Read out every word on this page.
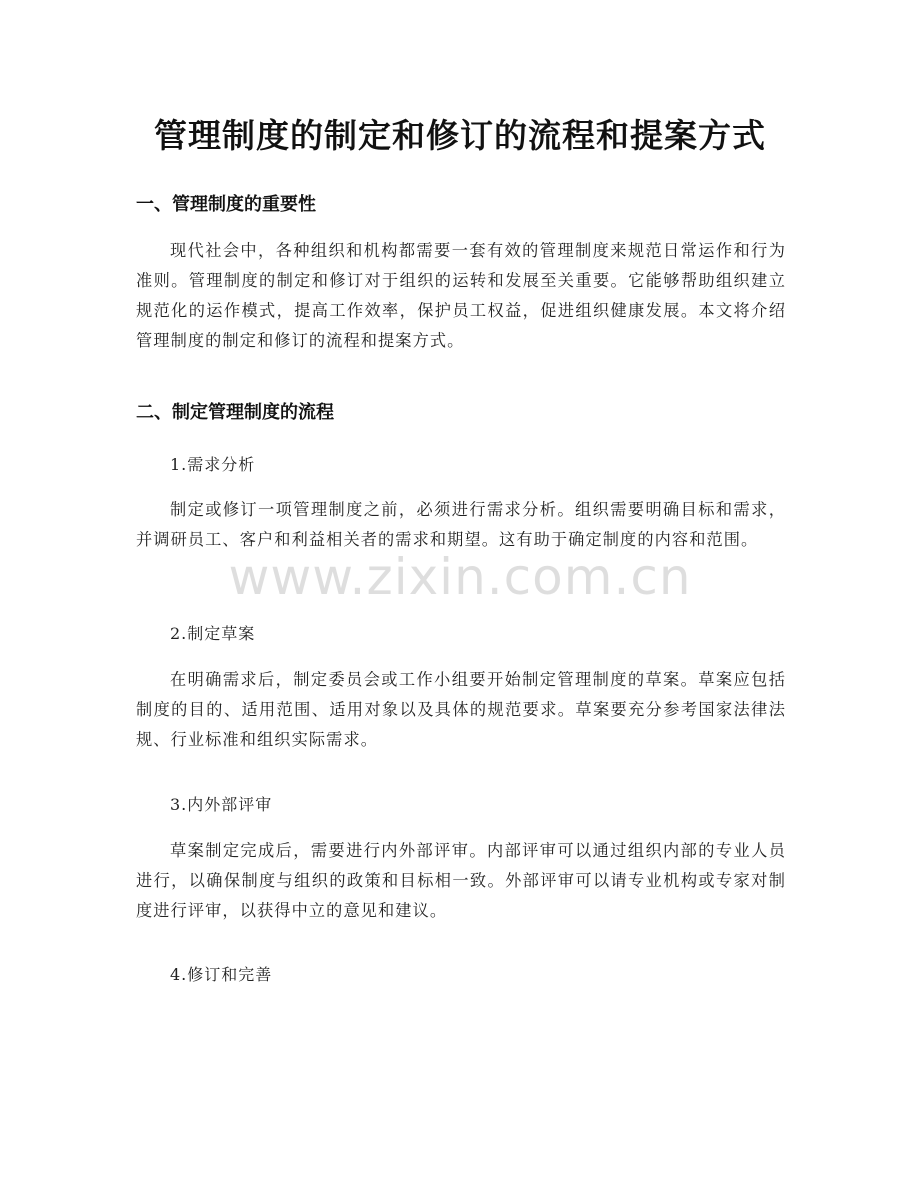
管理制度的制定和修订的流程和提案方式
一、管理制度的重要性
现代社会中，各种组织和机构都需要一套有效的管理制度来规范日常运作和行为准则。管理制度的制定和修订对于组织的运转和发展至关重要。它能够帮助组织建立规范化的运作模式，提高工作效率，保护员工权益，促进组织健康发展。本文将介绍管理制度的制定和修订的流程和提案方式。
二、制定管理制度的流程
1.需求分析
制定或修订一项管理制度之前，必须进行需求分析。组织需要明确目标和需求，并调研员工、客户和利益相关者的需求和期望。这有助于确定制度的内容和范围。
2.制定草案
在明确需求后，制定委员会或工作小组要开始制定管理制度的草案。草案应包括制度的目的、适用范围、适用对象以及具体的规范要求。草案要充分参考国家法律法规、行业标准和组织实际需求。
3.内外部评审
草案制定完成后，需要进行内外部评审。内部评审可以通过组织内部的专业人员进行，以确保制度与组织的政策和目标相一致。外部评审可以请专业机构或专家对制度进行评审，以获得中立的意见和建议。
4.修订和完善
www.zixin.com.cn
